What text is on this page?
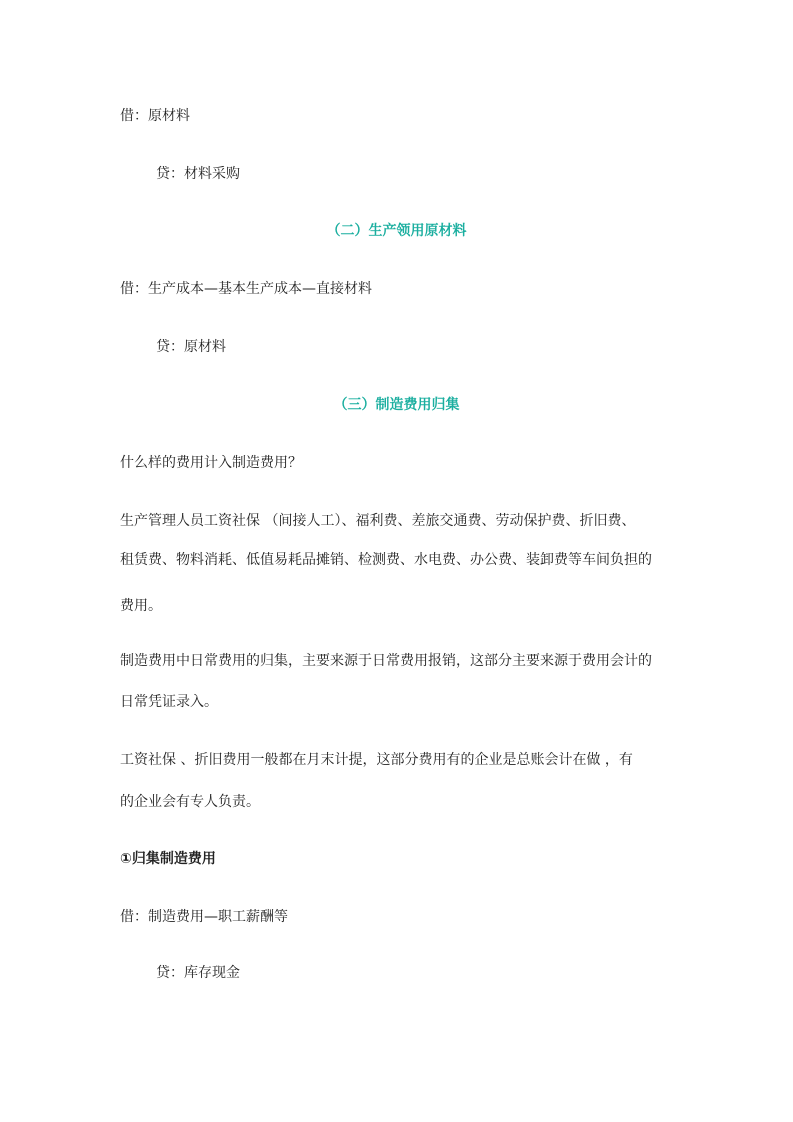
借：原材料

贷：材料采购

（二）生产领用原材料

借：生产成本—基本生产成本—直接材料

贷：原材料

（三）制造费用归集

什么样的费用计入制造费用？

生产管理人员工资社保 （间接人工）、福利费、差旅交通费、劳动保护费、折旧费、

租赁费、物料消耗、低值易耗品摊销、检测费、水电费、办公费、装卸费等车间负担的

费用。

制造费用中日常费用的归集，主要来源于日常费用报销，这部分主要来源于费用会计的

日常凭证录入。

工资社保 、折旧费用一般都在月末计提，这部分费用有的企业是总账会计在做 ，有

的企业会有专人负责。

①归集制造费用

借：制造费用—职工薪酬等

贷：库存现金
